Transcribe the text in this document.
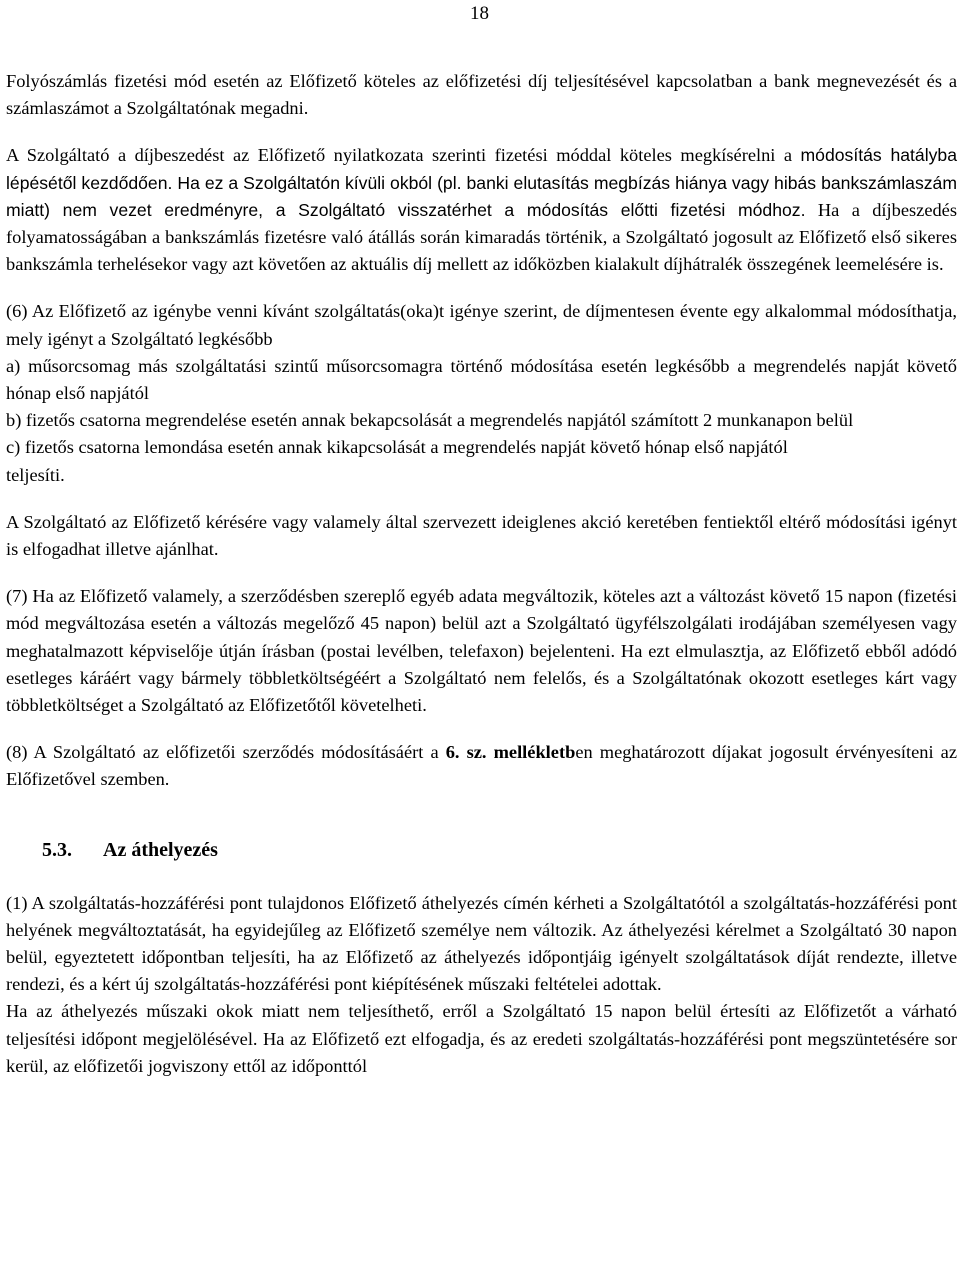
18

Folyószámlás fizetési mód esetén az Előfizető köteles az előfizetési díj teljesítésével kapcsolatban a bank megnevezését és a számlaszámot a Szolgáltatónak megadni.

A Szolgáltató a díjbeszedést az Előfizető nyilatkozata szerinti fizetési móddal köteles megkísérelni a módosítás hatályba lépésétől kezdődően. Ha ez a Szolgáltatón kívüli okból (pl. banki elutasítás megbízás hiánya vagy hibás bankszámlaszám miatt) nem vezet eredményre, a Szolgáltató visszatérhet a módosítás előtti fizetési módhoz. Ha a díjbeszedés folyamatosságában a bankszámlás fizetésre való átállás során kimaradás történik, a Szolgáltató jogosult az Előfizető első sikeres bankszámla terhelésekor vagy azt követően az aktuális díj mellett az időközben kialakult díjhátralék összegének leemelésére is.

(6) Az Előfizető az igénybe venni kívánt szolgáltatás(oka)t igénye szerint, de díjmentesen évente egy alkalommal módosíthatja, mely igényt a Szolgáltató legkésőbb

a) műsorcsomag más szolgáltatási szintű műsorcsomagra történő módosítása esetén legkésőbb a megrendelés napját követő hónap első napjától

b) fizetős csatorna megrendelése esetén annak bekapcsolását a megrendelés napjától számított 2 munkanapon belül

c) fizetős csatorna lemondása esetén annak kikapcsolását a megrendelés napját követő hónap első napjától

teljesíti.

A Szolgáltató az Előfizető kérésére vagy valamely által szervezett ideiglenes akció keretében fentiektől eltérő módosítási igényt is elfogadhat illetve ajánlhat.

(7) Ha az Előfizető valamely, a szerződésben szereplő egyéb adata megváltozik, köteles azt a változást követő 15 napon (fizetési mód megváltozása esetén a változás megelőző 45 napon) belül azt a Szolgáltató ügyfélszolgálati irodájában személyesen vagy meghatalmazott képviselője útján írásban (postai levélben, telefaxon) bejelenteni. Ha ezt elmulasztja, az Előfizető ebből adódó esetleges káráért vagy bármely többletköltségéért a Szolgáltató nem felelős, és a Szolgáltatónak okozott esetleges kárt vagy többletköltséget a Szolgáltató az Előfizetőtől követelheti.

(8) A Szolgáltató az előfizetői szerződés módosításáért a 6. sz. mellékletben meghatározott díjakat jogosult érvényesíteni az Előfizetővel szemben.

5.3. Az áthelyezés

(1) A szolgáltatás-hozzáférési pont tulajdonos Előfizető áthelyezés címén kérheti a Szolgáltatótól a szolgáltatás-hozzáférési pont helyének megváltoztatását, ha egyidejűleg az Előfizető személye nem változik. Az áthelyezési kérelmet a Szolgáltató 30 napon belül, egyeztetett időpontban teljesíti, ha az Előfizető az áthelyezés időpontjáig igényelt szolgáltatások díját rendezte, illetve rendezi, és a kért új szolgáltatás-hozzáférési pont kiépítésének műszaki feltételei adottak.

Ha az áthelyezés műszaki okok miatt nem teljesíthető, erről a Szolgáltató 15 napon belül értesíti az Előfizetőt a várható teljesítési időpont megjelölésével. Ha az Előfizető ezt elfogadja, és az eredeti szolgáltatás-hozzáférési pont megszüntetésére sor kerül, az előfizetői jogviszony ettől az időponttól
